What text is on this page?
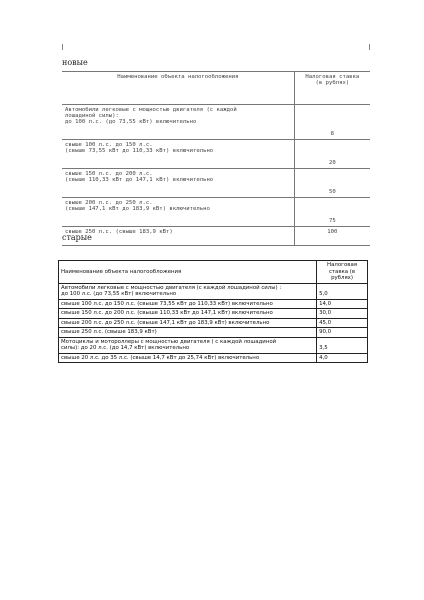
новые
Наименование объекта налогообложения	Налоговая ставка
(в рублях)

Автомобили легковые с мощностью двигателя (с каждой
лошадиной силы):
до 100 л.с. (до 73,55 кВт) включительно	8

свыше 100 л.с. до 150 л.с.
(свыше 73,55 кВт до 110,33 кВт) включительно	20

свыше 150 л.с. до 200 л.с.
(свыше 110,33 кВт до 147,1 кВт) включительно	50

свыше 200 л.с. до 250 л.с.
(свыше 147,1 кВт до 183,9 кВт) включительно	75

свыше 250 л.с. (свыше 183,9 кВт)	100
старые
Наименование объекта налогообложения	Налоговая ставка (в
рублях)

Автомобили легковые с мощностью двигателя (с каждой лошадиной силы) :
до 100 л.с. (до 73,55 кВт) включительно	5,0
свыше 100 л.с. до 150 л.с. (свыше 73,55 кВт до 110,33 кВт) включительно	14,0
свыше 150 л.с. до 200 л.с. (свыше 110,33 кВт до 147,1 кВт) включительно	30,0
свыше 200 л.с. до 250 л.с. (свыше 147,1 кВт до 183,9 кВт) включительно	45,0
свыше 250 л.с. (свыше 183,9 кВт)	90,0

Мотоциклы и мотороллеры с мощностью двигателя ( с каждой лошадиной
силы): до 20 л.с. (до 14,7 кВт) включительно	3,5
свыше 20 л.с. до 35 л.с. (свыше 14,7 кВт до 25,74 кВт) включительно	4,0
